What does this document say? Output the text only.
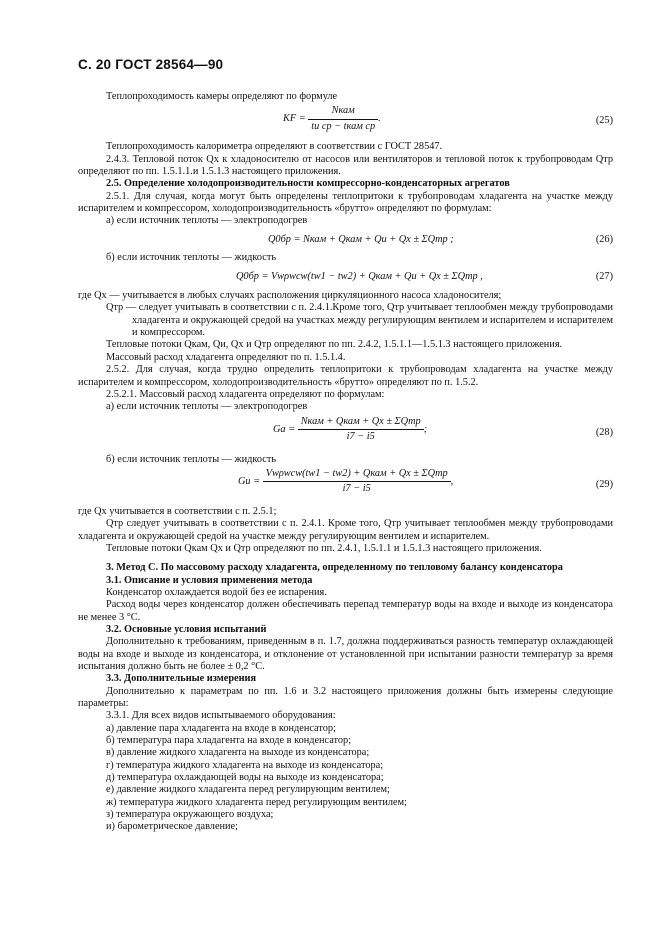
С. 20 ГОСТ 28564—90

Теплопроходимость камеры определяют по формуле

KF = $\frac{\text{Nкам}}{\text{tи ср − tкам ср}}$ .	(25)

Теплопроходимость калориметра определяют в соответствии с ГОСТ 28547.

2.4.3. Тепловой поток Qх к хладоносителю от насосов или вентиляторов и тепловой поток к трубопроводам Qтр определяют по пп. 1.5.1.1.и 1.5.1.3 настоящего приложения.

2.5. Определение холодопроизводительности компрессорно-конденсаторных агрегатов

2.5.1. Для случая, когда могут быть определены теплопритоки к трубопроводам хладагента на участке между испарителем и компрессором, холодопроизводительность «брутто» определяют по формулам:

а) если источник теплоты — электроподогрев

Q0бр = Nкам + Qкам + Qи + Qх ± ΣQтр ;	(26)

б) если источник теплоты — жидкость

Q0бр = Vwρwcw(tw1 − tw2) + Qкам + Qи + Qх ± ΣQтр ,	(27)

где Qх — учитывается в любых случаях расположения циркуляционного насоса хладоносителя;

Qтр — следует учитывать в соответствии с п. 2.4.1.Кроме того, Qтр учитывает теплообмен между трубопроводами хладагента и окружающей средой на участках между регулирующим вентилем и испарителем и испарителем и компрессором.

Тепловые потоки Qкам, Qи, Qх и Qтр определяют по пп. 2.4.2, 1.5.1.1—1.5.1.3 настоящего приложения.

Массовый расход хладагента определяют по п. 1.5.1.4.

2.5.2. Для случая, когда трудно определить теплопритоки к трубопроводам хладагента на участке между испарителем и компрессором, холодопроизводительность «брутто» определяют по п. 1.5.2.

2.5.2.1. Массовый расход хладагента определяют по формулам:

а) если источник теплоты — электроподогрев

Gа = $\frac{\text{Nкам + Qкам + Qх ± ΣQтр}}{i7 - i5}$ ;	(28)

б) если источник теплоты — жидкость

Gи = $\frac{\text{Vwρwcw(tw1 − tw2) + Qкам + Qх ± ΣQтр}}{i7 - i5}$ ,	(29)

где Qх учитывается в соответствии с п. 2.5.1;

Qтр следует учитывать в соответствии с п. 2.4.1. Кроме того, Qтр учитывает теплообмен между трубопроводами хладагента и окружающей средой на участке между регулирующим вентилем и испарителем.

Тепловые потоки Qкам Qх и Qтр определяют по пп. 2.4.1, 1.5.1.1 и 1.5.1.3 настоящего приложения.

3. Метод С. По массовому расходу хладагента, определенному по тепловому балансу конденсатора

3.1. Описание и условия применения метода

Конденсатор охлаждается водой без ее испарения.

Расход воды через конденсатор должен обеспечивать перепад температур воды на входе и выходе из конденсатора не менее 3 °С.

3.2. Основные условия испытаний

Дополнительно к требованиям, приведенным в п. 1.7, должна поддерживаться разность температур охлаждающей воды на входе и выходе из конденсатора, и отклонение от установленной при испытании разности температур за время испытания должно быть не более ± 0,2 °С.

3.3. Дополнительные измерения

Дополнительно к параметрам по пп. 1.6 и 3.2 настоящего приложения должны быть измерены следующие параметры:

3.3.1. Для всех видов испытываемого оборудования:

а) давление пара хладагента на входе в конденсатор;

б) температура пара хладагента на входе в конденсатор;

в) давление жидкого хладагента на выходе из конденсатора;

г) температура жидкого хладагента на выходе из конденсатора;

д) температура охлаждающей воды на выходе из конденсатора;

е) давление жидкого хладагента перед регулирующим вентилем;

ж) температура жидкого хладагента перед регулирующим вентилем;

з) температура окружающего воздуха;

и) барометрическое давление;
